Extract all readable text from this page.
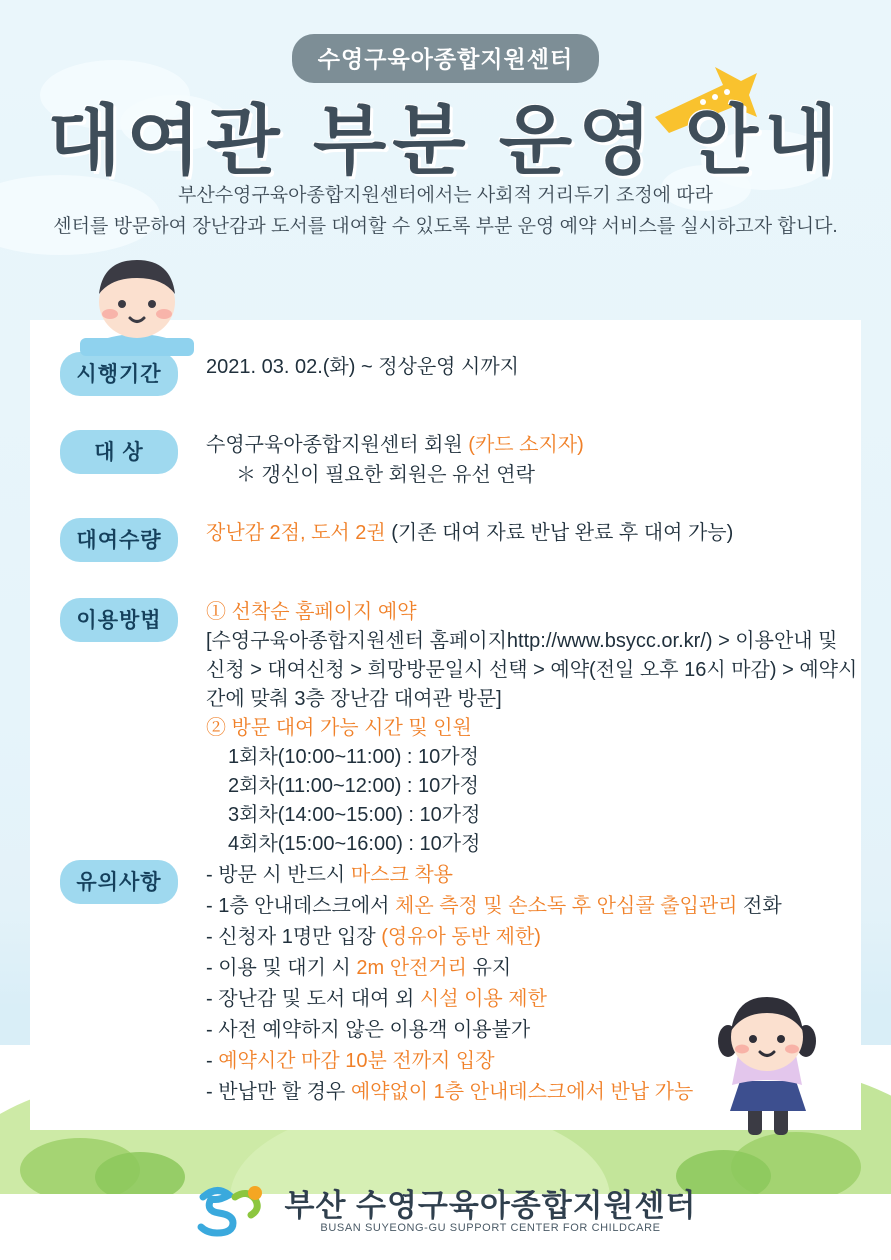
수영구육아종합지원센터
대여관 부분 운영 안내
부산수영구육아종합지원센터에서는 사회적 거리두기 조정에 따라
센터를 방문하여 장난감과 도서를 대여할 수 있도록 부분 운영 예약 서비스를 실시하고자 합니다.
시행기간	2021. 03. 02.(화) ~ 정상운영 시까지
대 상	수영구육아종합지원센터 회원 (카드 소지자)
＊ 갱신이 필요한 회원은 유선 연락
대여수량	장난감 2점, 도서 2권 (기존 대여 자료 반납 완료 후 대여 가능)
이용방법	① 선착순 홈페이지 예약
[수영구육아종합지원센터 홈페이지http://www.bsycc.or.kr/) > 이용안내 및 신청 > 대여신청 > 희망방문일시 선택 > 예약(전일 오후 16시 마감) > 예약시간에 맞춰 3층 장난감 대여관 방문]
② 방문 대여 가능 시간 및 인원
1회차(10:00~11:00) : 10가정
2회차(11:00~12:00) : 10가정
3회차(14:00~15:00) : 10가정
4회차(15:00~16:00) : 10가정
유의사항	- 방문 시 반드시 마스크 착용
- 1층 안내데스크에서 체온 측정 및 손소독 후 안심콜 출입관리 전화
- 신청자 1명만 입장 (영유아 동반 제한)
- 이용 및 대기 시 2m 안전거리 유지
- 장난감 및 도서 대여 외 시설 이용 제한
- 사전 예약하지 않은 이용객 이용불가
- 예약시간 마감 10분 전까지 입장
- 반납만 할 경우 예약없이 1층 안내데스크에서 반납 가능
부산 수영구육아종합지원센터
BUSAN SUYEONG-GU SUPPORT CENTER FOR CHILDCARE
